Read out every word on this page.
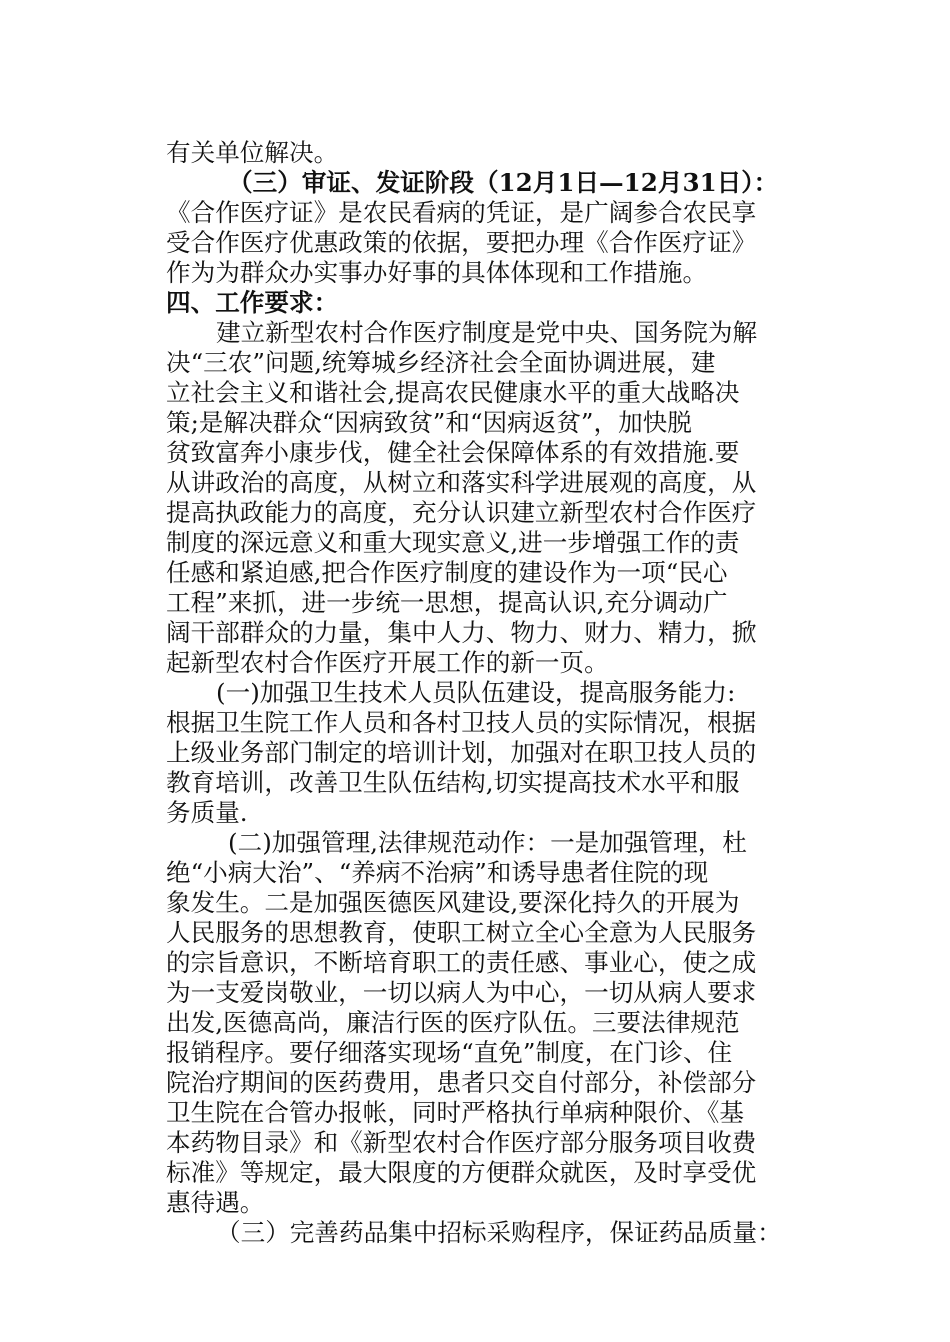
有关单位解决。
（三）审证、发证阶段（12月1日—12月31日）：
《合作医疗证》是农民看病的凭证，是广阔参合农民享
受合作医疗优惠政策的依据，要把办理《合作医疗证》
作为为群众办实事办好事的具体体现和工作措施。
四、工作要求：
建立新型农村合作医疗制度是党中央、国务院为解
决“三农”问题,统筹城乡经济社会全面协调进展，建
立社会主义和谐社会,提高农民健康水平的重大战略决
策;是解决群众“因病致贫”和“因病返贫”，加快脱
贫致富奔小康步伐，健全社会保障体系的有效措施.要
从讲政治的高度，从树立和落实科学进展观的高度，从
提高执政能力的高度，充分认识建立新型农村合作医疗
制度的深远意义和重大现实意义,进一步增强工作的责
任感和紧迫感,把合作医疗制度的建设作为一项“民心
工程”来抓，进一步统一思想，提高认识,充分调动广
阔干部群众的力量，集中人力、物力、财力、精力，掀
起新型农村合作医疗开展工作的新一页。
(一)加强卫生技术人员队伍建设，提高服务能力:
根据卫生院工作人员和各村卫技人员的实际情况，根据
上级业务部门制定的培训计划，加强对在职卫技人员的
教育培训，改善卫生队伍结构,切实提高技术水平和服
务质量.
(二)加强管理,法律规范动作：一是加强管理，杜
绝“小病大治”、“养病不治病”和诱导患者住院的现
象发生。二是加强医德医风建设,要深化持久的开展为
人民服务的思想教育，使职工树立全心全意为人民服务
的宗旨意识，不断培育职工的责任感、事业心，使之成
为一支爱岗敬业，一切以病人为中心，一切从病人要求
出发,医德高尚，廉洁行医的医疗队伍。三要法律规范
报销程序。要仔细落实现场“直免”制度，在门诊、住
院治疗期间的医药费用，患者只交自付部分，补偿部分
卫生院在合管办报帐，同时严格执行单病种限价、《基
本药物目录》和《新型农村合作医疗部分服务项目收费
标准》等规定，最大限度的方便群众就医，及时享受优
惠待遇。
（三）完善药品集中招标采购程序，保证药品质量：
